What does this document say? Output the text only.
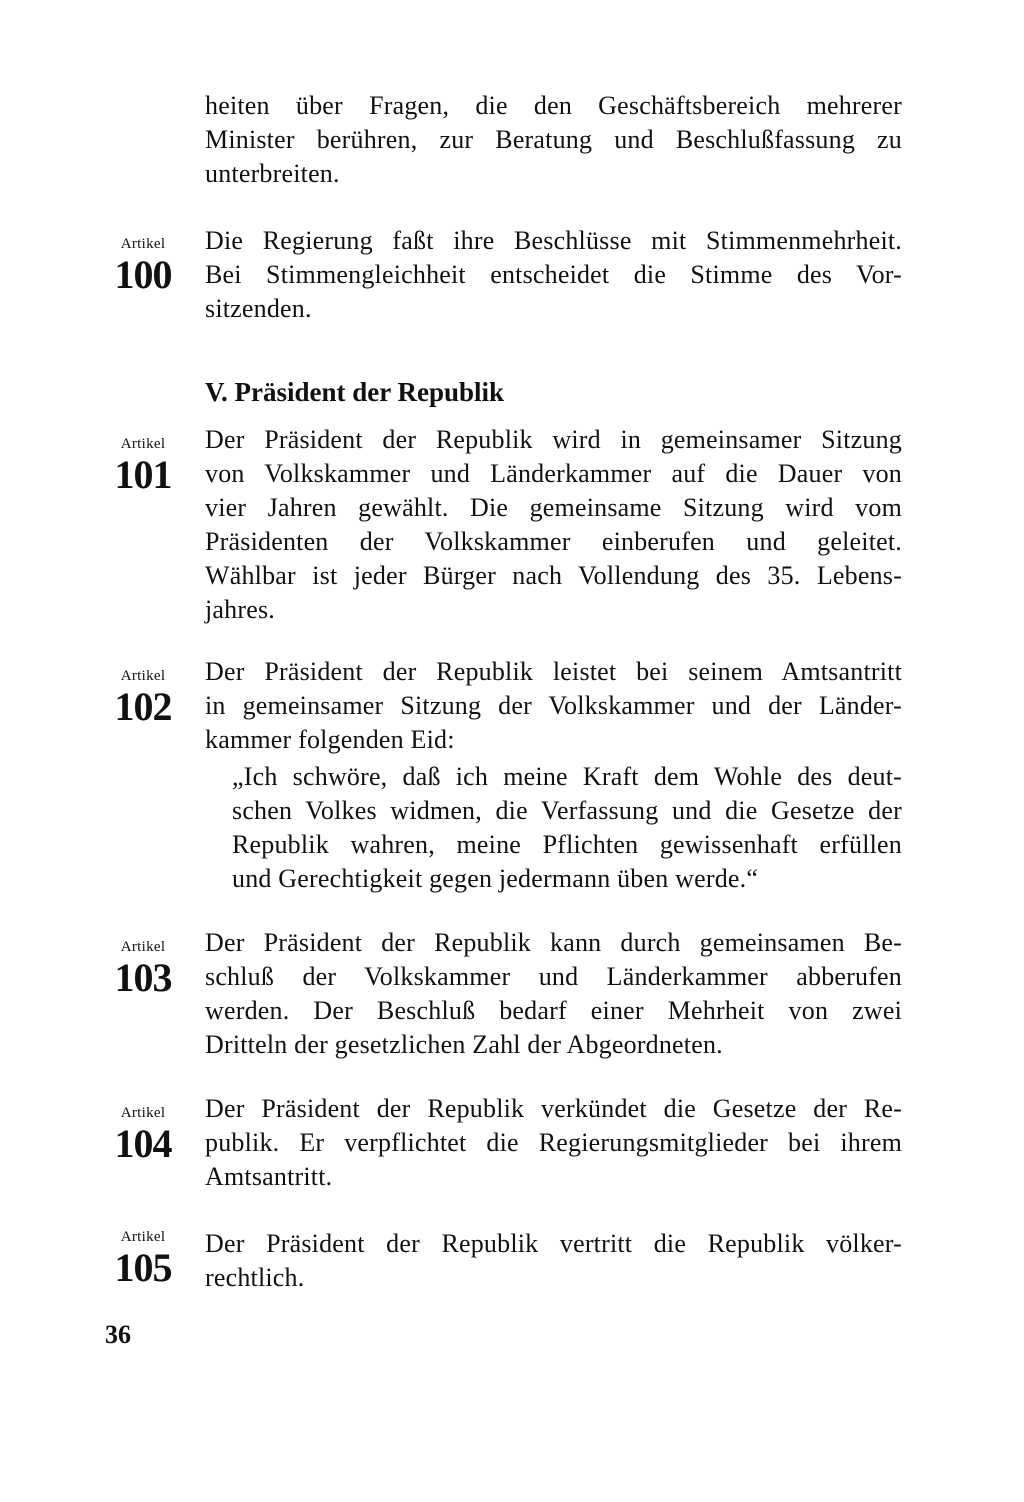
heiten über Fragen, die den Geschäftsbereich mehrerer
Minister berühren, zur Beratung und Beschlußfassung zu
unterbreiten.
Artikel
100
Die Regierung faßt ihre Beschlüsse mit Stimmenmehrheit.
Bei Stimmengleichheit entscheidet die Stimme des Vor-
sitzenden.
V. Präsident der Republik
Artikel
101
Der Präsident der Republik wird in gemeinsamer Sitzung
von Volkskammer und Länderkammer auf die Dauer von
vier Jahren gewählt. Die gemeinsame Sitzung wird vom
Präsidenten der Volkskammer einberufen und geleitet.
Wählbar ist jeder Bürger nach Vollendung des 35. Lebens-
jahres.
Artikel
102
Der Präsident der Republik leistet bei seinem Amtsantritt
in gemeinsamer Sitzung der Volkskammer und der Länder-
kammer folgenden Eid:
„Ich schwöre, daß ich meine Kraft dem Wohle des deut-
schen Volkes widmen, die Verfassung und die Gesetze der
Republik wahren, meine Pflichten gewissenhaft erfüllen
und Gerechtigkeit gegen jedermann üben werde.“
Artikel
103
Der Präsident der Republik kann durch gemeinsamen Be-
schluß der Volkskammer und Länderkammer abberufen
werden. Der Beschluß bedarf einer Mehrheit von zwei
Dritteln der gesetzlichen Zahl der Abgeordneten.
Artikel
104
Der Präsident der Republik verkündet die Gesetze der Re-
publik. Er verpflichtet die Regierungsmitglieder bei ihrem
Amtsantritt.
Artikel
105
Der Präsident der Republik vertritt die Republik völker-
rechtlich.
36
